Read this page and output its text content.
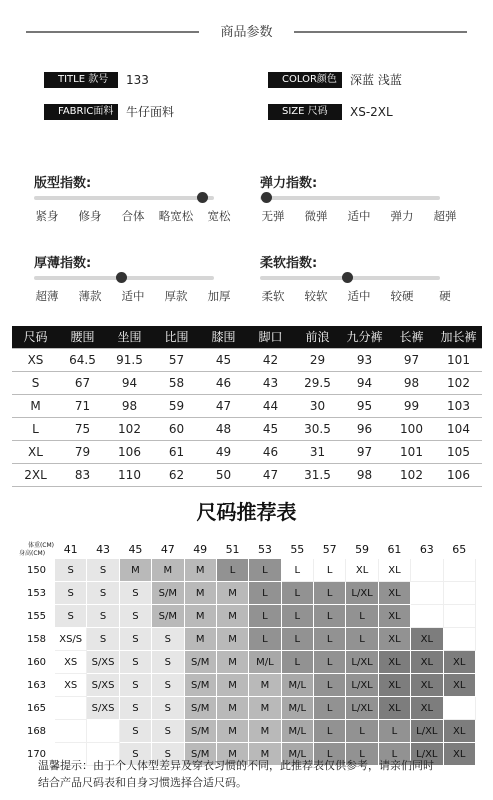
商品参数
TITLE 款号	133
FABRIC面料	牛仔面料
COLOR颜色	深蓝 浅蓝
SIZE 尺码	XS-2XL
版型指数:
紧身 修身 合体 略宽松 宽松
弹力指数:
无弹 微弹 适中 弹力 超弹
厚薄指数:
超薄 薄款 适中 厚款 加厚
柔软指数:
柔软 较软 适中 较硬 硬
尺码	腰围	坐围	比围	膝围	脚口	前浪	九分裤	长裤	加长裤
XS	64.5	91.5	57	45	42	29	93	97	101
S	67	94	58	46	43	29.5	94	98	102
M	71	98	59	47	44	30	95	99	103
L	75	102	60	48	45	30.5	96	100	104
XL	79	106	61	49	46	31	97	101	105
2XL	83	110	62	50	47	31.5	98	102	106
尺码推荐表
体重(CM)
身高(CM)	41	43	45	47	49	51	53	55	57	59	61	63	65
150	S	S	M	M	M	L	L	L	L	XL	XL		
153	S	S	S	S/M	M	M	L	L	L	L/XL	XL		
155	S	S	S	S/M	M	M	L	L	L	L	XL		
158	XS/S	S	S	S	M	M	L	L	L	L	XL	XL	
160	XS	S/XS	S	S	S/M	M	M/L	L	L	L/XL	XL	XL	XL
163	XS	S/XS	S	S	S/M	M	M	M/L	L	L/XL	XL	XL	XL
165		S/XS	S	S	S/M	M	M	M/L	L	L/XL	XL	XL	
168			S	S	S/M	M	M	M/L	L	L	L	L/XL	XL
170			S	S	S/M	M	M	M/L	L	L	L	L/XL	XL
温馨提示：由于个人体型差异及穿衣习惯的不同，此推荐表仅供参考，请亲们同时
结合产品尺码表和自身习惯选择合适尺码。
